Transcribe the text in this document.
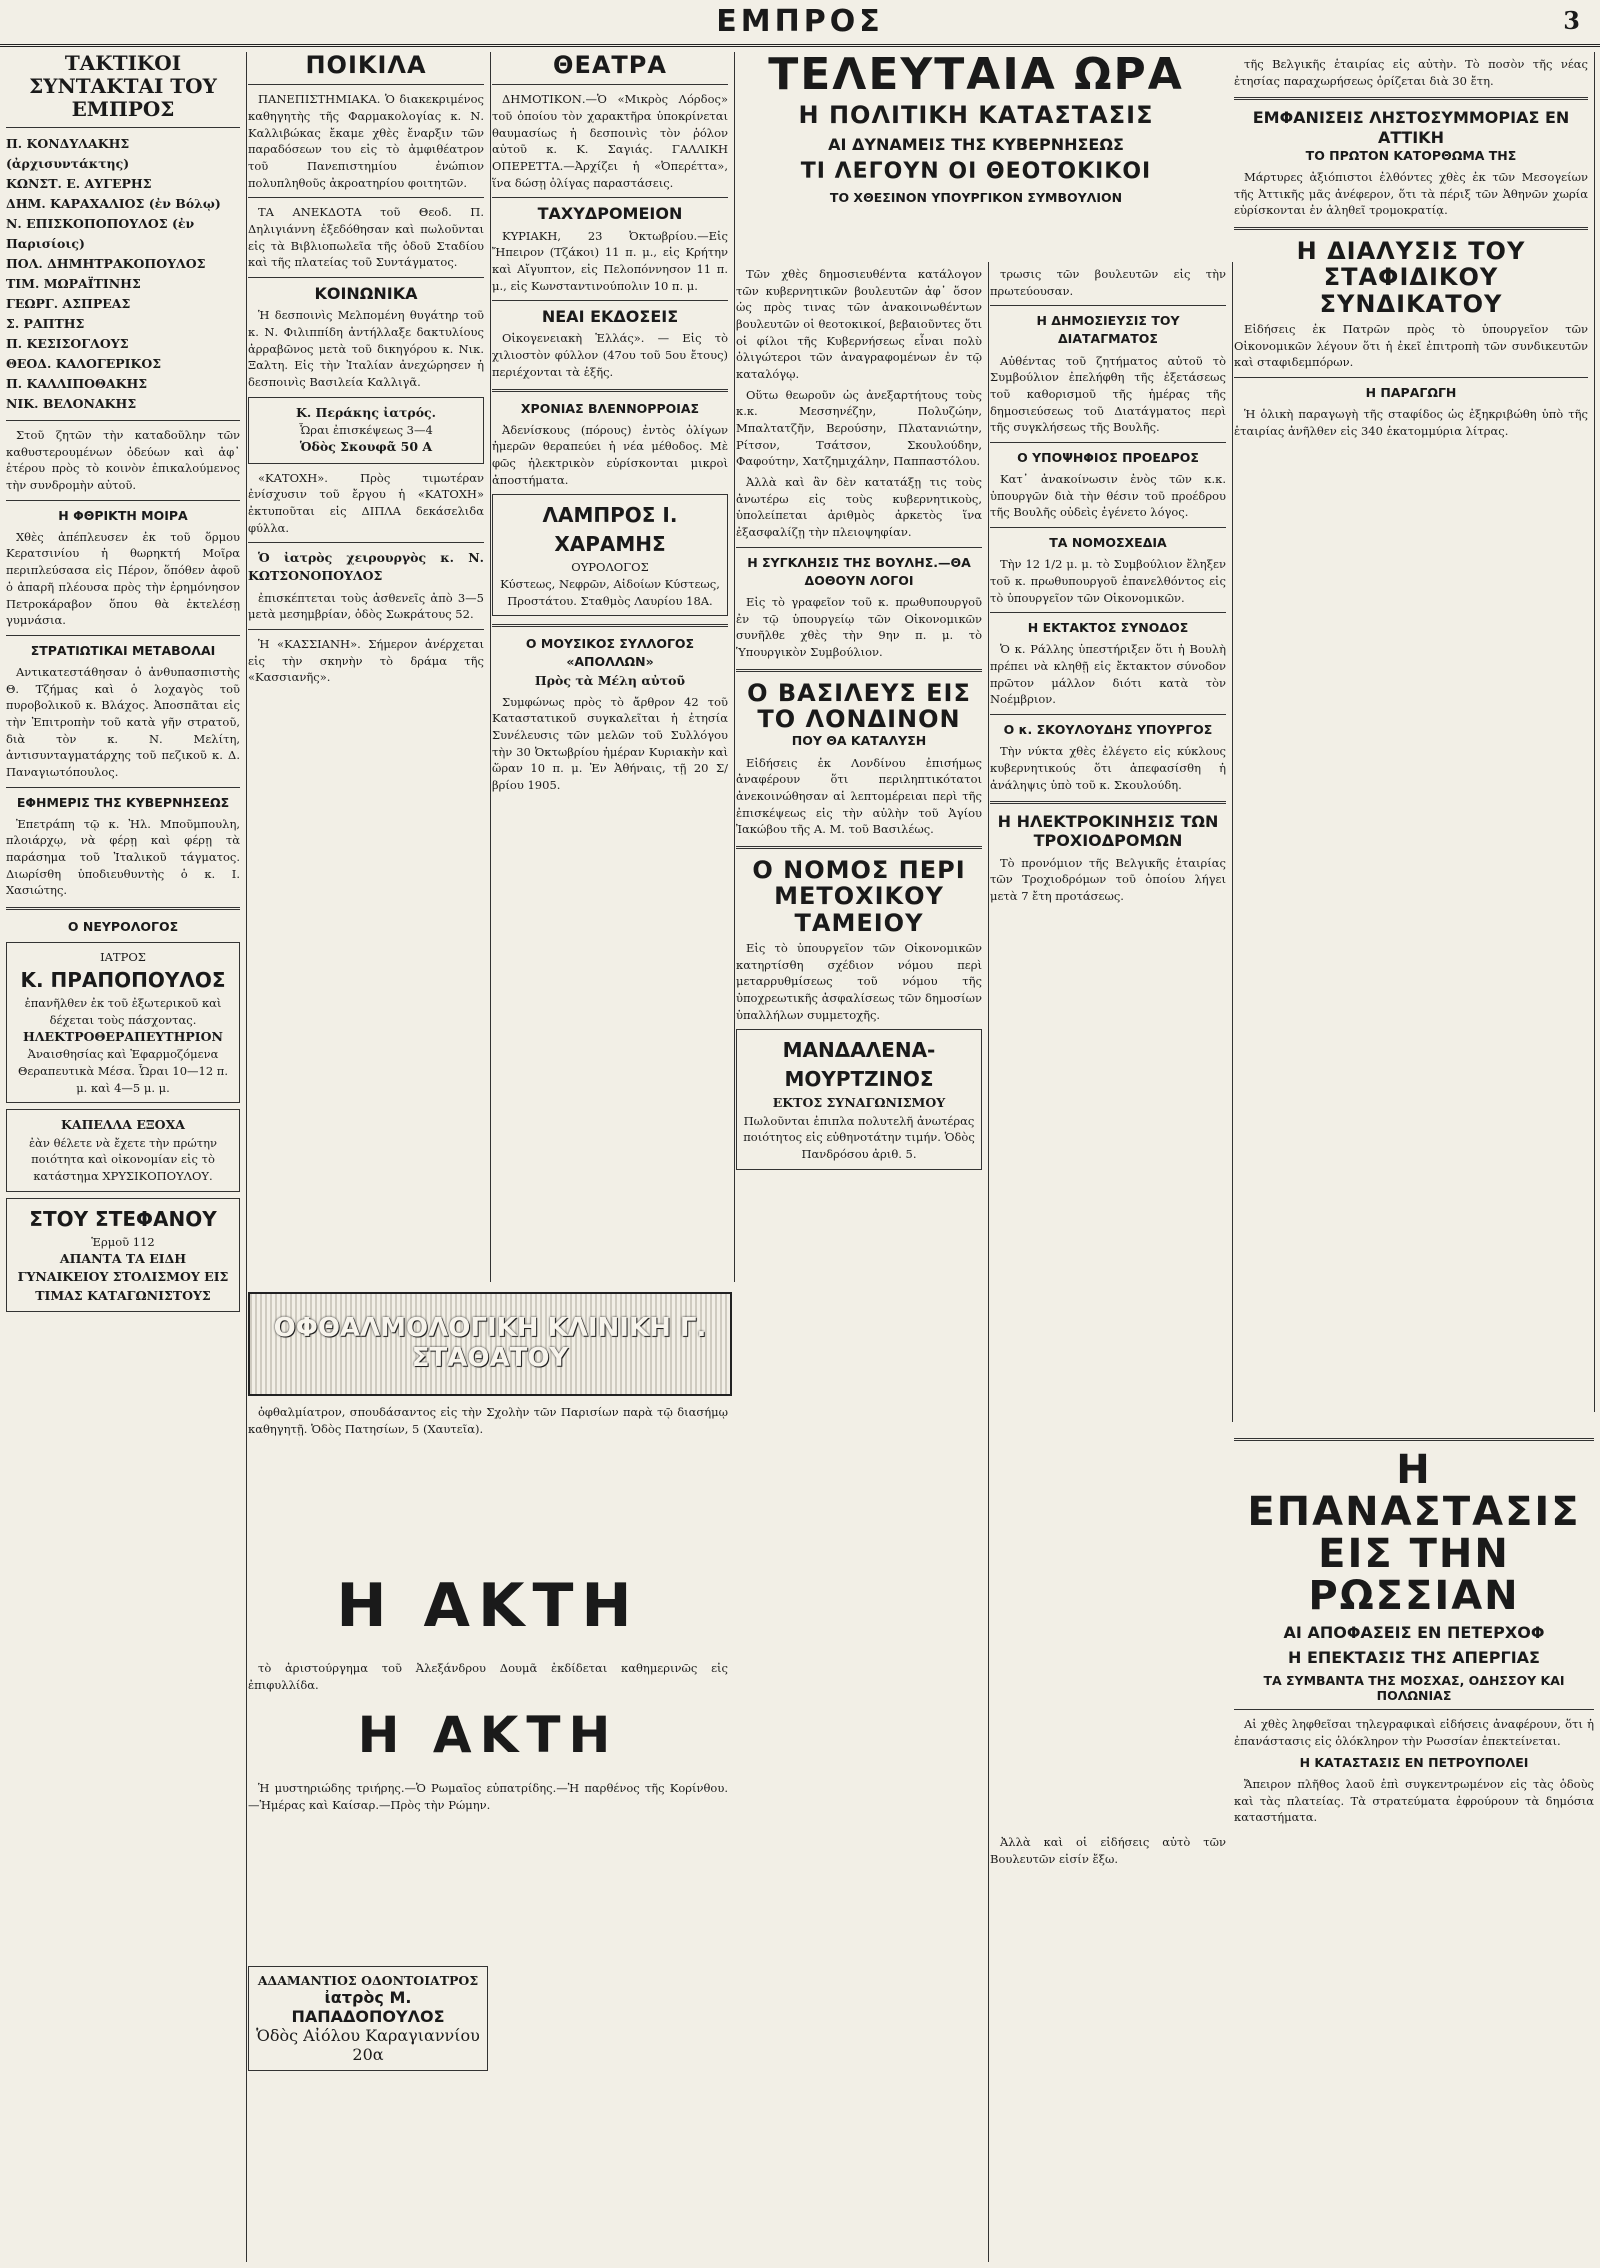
ΕΜΠΡΟΣ	3
ΤΑΚΤΙΚΟΙ ΣΥΝΤΑΚΤΑΙ ΤΟΥ ΕΜΠΡΟΣ
Π. ΚΟΝΔΥΛΑΚΗΣ (ἀρχισυντάκτης)
ΚΩΝΣΤ. Ε. ΑΥΓΕΡΗΣ
ΔΗΜ. ΚΑΡΑΧΑΛΙΟΣ (ἐν Βόλῳ)
Ν. ΕΠΙΣΚΟΠΟΠΟΥΛΟΣ (ἐν Παρισίοις)
ΠΟΛ. ΔΗΜΗΤΡΑΚΟΠΟΥΛΟΣ
ΤΙΜ. ΜΩΡΑΪΤΙΝΗΣ
ΓΕΩΡΓ. ΑΣΠΡΕΑΣ
Σ. ΡΑΠΤΗΣ
Π. ΚΕΣΙΣΟΓΛΟΥΣ
ΘΕΟΔ. ΚΑΛΟΓΕΡΙΚΟΣ
Π. ΚΑΛΛΙΠΟΘΑΚΗΣ
ΝΙΚ. ΒΕΛΟΝΑΚΗΣ

Στοῦ ζητῶν τὴν καταδοῦλην τῶν καθυστερουμένων ὀδεύων καὶ ἀφ᾽ ἑτέρου πρὸς τὸ κοινὸν ἐπικαλούμενος τὴν συνδρομὴν αὐτοῦ.

Η ΦΘΡΙΚΤΗ ΜΟΙΡΑ

Χθὲς ἀπέπλευσεν ἐκ τοῦ ὅρμου Κερατσινίου ἡ θωρηκτή Μοῖρα περιπλεύσασα εἰς Πέρον, ὅπόθεν ἀφοῦ ὁ ἀπαρῆ πλέουσα πρὸς τὴν ἐρημόνησον Πετροκάραβον ὅπου θὰ ἐκτελέσῃ γυμνάσια.

ΣΤΡΑΤΙΩΤΙΚΑΙ ΜΕΤΑΒΟΛΑΙ

Αντικατεστάθησαν ὁ ἀνθυπασπιστὴς Θ. Τζήμας καὶ ὁ λοχαγὸς τοῦ πυροβολικοῦ κ. Βλάχος. Ἀποσπᾶται εἰς τὴν Ἐπιτροπὴν τοῦ κατὰ γῆν στρατοῦ, διὰ τὸν κ. Ν. Μελίτη, ἀντισυνταγματάρχης τοῦ πεζικοῦ κ. Δ. Παναγιωτόπουλος.

ΕΦΗΜΕΡΙΣ ΤΗΣ ΚΥΒΕΡΝΗΣΕΩΣ

Ἐπετράπη τῷ κ. Ἠλ. Μποῦμπουλη, πλοιάρχῳ, νὰ φέρῃ καὶ φέρῃ τὰ παράσημα τοῦ Ἰταλικοῦ τάγματος. Διωρίσθη ὑποδιευθυντὴς ὁ κ. Ι. Χασιώτης.

Ο ΝΕΥΡΟΛΟΓΟΣ
ΙΑΤΡΟΣ
Κ. ΠΡΑΠΟΠΟΥΛΟΣ
ἐπανῆλθεν ἐκ τοῦ ἐξωτερικοῦ καὶ δέχεται τοὺς πάσχοντας.
ΗΛΕΚΤΡΟΘΕΡΑΠΕΥΤΗΡΙΟΝ
Ἀναισθησίας καὶ Ἐφαρμοζόμενα Θεραπευτικὰ Μέσα. Ὧραι 10—12 π. μ. καὶ 4—5 μ. μ.
ΚΑΠΕΛΛΑ ΕΞΟΧΑ
ἐὰν θέλετε νὰ ἔχετε τὴν πρώτην ποιότητα καὶ οἰκονομίαν εἰς τὸ κατάστημα ΧΡΥΣΙΚΟΠΟΥΛΟΥ.
ΣΤΟΥ ΣΤΕΦΑΝΟΥ
Ἑρμοῦ 112
ΑΠΑΝΤΑ ΤΑ ΕΙΔΗ ΓΥΝΑΙΚΕΙΟΥ ΣΤΟΛΙΣΜΟΥ ΕΙΣ ΤΙΜΑΣ ΚΑΤΑΓΩΝΙΣΤΟΥΣ
ΠΟΙΚΙΛΑ

ΠΑΝΕΠΙΣΤΗΜΙΑΚΑ. Ὁ διακεκριμένος καθηγητὴς τῆς Φαρμακολογίας κ. Ν. Καλλιβώκας ἔκαμε χθὲς ἔναρξιν τῶν παραδόσεων του εἰς τὸ ἀμφιθέατρον τοῦ Πανεπιστημίου ἐνώπιον πολυπληθοῦς ἀκροατηρίου φοιτητῶν.

ΤΑ ΑΝΕΚΔΟΤΑ τοῦ Θεοδ. Π. Δηλιγιάννη ἐξεδόθησαν καὶ πωλοῦνται εἰς τὰ Βιβλιοπωλεῖα τῆς ὁδοῦ Σταδίου καὶ τῆς πλατείας τοῦ Συντάγματος.

ΚΟΙΝΩΝΙΚΑ

Ἡ δεσποινὶς Μελπομένη θυγάτηρ τοῦ κ. Ν. Φιλιππίδη ἀντήλλαξε δακτυλίους ἀρραβῶνος μετὰ τοῦ δικηγόρου κ. Νικ. Ξαλτη. Εἰς τὴν Ἰταλίαν ἀνεχώρησεν ἡ δεσποινὶς Βασιλεία Καλλιγᾶ.

Κ. Περάκης ἰατρός.
Ὧραι ἐπισκέψεως 3—4
Ὁδὸς Σκουφᾶ 50 Α

«ΚΑΤΟΧΗ». Πρὸς τιμωτέραν ἐνίσχυσιν τοῦ ἔργου ἡ «ΚΑΤΟΧΗ» ἐκτυποῦται εἰς ΔΙΠΛΑ δεκάσελιδα φύλλα.

Ὁ ἰατρὸς χειρουργὸς κ. Ν. ΚΩΤΣΟΝΟΠΟΥΛΟΣ

ἐπισκέπτεται τοὺς ἀσθενεῖς ἀπὸ 3—5 μετὰ μεσημβρίαν, ὁδὸς Σωκράτους 52.

Ἡ «ΚΑΣΣΙΑΝΗ». Σήμερον ἀνέρχεται εἰς τὴν σκηνὴν τὸ δράμα τῆς «Κασσιανῆς».

ΘΕΑΤΡΑ

ΔΗΜΟΤΙΚΟΝ.—Ὁ «Μικρὸς Λόρδος» τοῦ ὁποίου τὸν χαρακτῆρα ὑποκρίνεται θαυμασίως ἡ δεσποινὶς τὸν ῥόλον αὐτοῦ κ. Κ. Σαγιάς. ΓΑΛΛΙΚΗ ΟΠΕΡΕΤΤΑ.—Ἀρχίζει ἡ «Ὀπερέττα», ἵνα δώσῃ ὀλίγας παραστάσεις.

ΤΑΧΥΔΡΟΜΕΙΟΝ

ΚΥΡΙΑΚΗ, 23 Ὀκτωβρίου.—Εἰς Ἤπειρον (Τζάκοι) 11 π. μ., εἰς Κρήτην καὶ Αἴγυπτον, εἰς Πελοπόννησον 11 π. μ., εἰς Κωνσταντινούπολιν 10 π. μ.

ΝΕΑΙ ΕΚΔΟΣΕΙΣ

Οἰκογενειακὴ Ἑλλάς». — Εἰς τὸ χιλιοστὸν φύλλον (47ου τοῦ 5ου ἔτους) περιέχονται τὰ ἑξῆς.

ΧΡΟΝΙΑΣ ΒΛΕΝΝΟΡΡΟΙΑΣ

Ἀδενίσκους (πόρους) ἐντὸς ὀλίγων ἡμερῶν θεραπεύει ἡ νέα μέθοδος. Μὲ φῶς ἠλεκτρικὸν εὑρίσκονται μικροὶ ἀποστήματα.

ΛΑΜΠΡΟΣ Ι. ΧΑΡΑΜΗΣ
ΟΥΡΟΛΟΓΟΣ
Κύστεως, Νεφρῶν, Αἰδοίων Κύστεως, Προστάτου. Σταθμὸς Λαυρίου 18Α.
Ο ΜΟΥΣΙΚΟΣ ΣΥΛΛΟΓΟΣ «ΑΠΟΛΛΩΝ»
Πρὸς τὰ Μέλη αὐτοῦ

Συμφώνως πρὸς τὸ ἄρθρον 42 τοῦ Καταστατικοῦ συγκαλεῖται ἡ ἐτησία Συνέλευσις τῶν μελῶν τοῦ Συλλόγου τὴν 30 Ὀκτωβρίου ἡμέραν Κυριακὴν καὶ ὥραν 10 π. μ. Ἐν Ἀθήναις, τῇ 20 Σ/βρίου 1905.

ΟΦΘΑΛΜΟΛΟΓΙΚΗ ΚΛΙΝΙΚΗ Γ. ΣΤΑΘΑΤΟΥ

ὀφθαλμίατρον, σπουδάσαντος εἰς τὴν Σχολὴν τῶν Παρισίων παρὰ τῷ διασήμῳ καθηγητῇ. Ὁδὸς Πατησίων, 5 (Χαυτεῖα).

Η ΑΚΤΗ

τὸ ἀριστούργημα τοῦ Ἀλεξάνδρου Δουμᾶ ἐκδίδεται καθημερινῶς εἰς ἐπιφυλλίδα.

Η ΑΚΤΗ

Ἡ μυστηριώδης τριήρης.—Ὁ Ρωμαῖος εὐπατρίδης.—Ἡ παρθένος τῆς Κορίνθου.—Ἡμέρας καὶ Καίσαρ.—Πρὸς τὴν Ρώμην.

ΑΔΑΜΑΝΤΙΟΣ ΟΔΟΝΤΟΙΑΤΡΟΣ
ἰατρὸς Μ. ΠΑΠΑΔΟΠΟΥΛΟΣ
Ὁδὸς Αἰόλου Καραγιαννίου 20α
ΤΕΛΕΥΤΑΙΑ ΩΡΑ
Η ΠΟΛΙΤΙΚΗ ΚΑΤΑΣΤΑΣΙΣ
ΑΙ ΔΥΝΑΜΕΙΣ ΤΗΣ ΚΥΒΕΡΝΗΣΕΩΣ
ΤΙ ΛΕΓΟΥΝ ΟΙ ΘΕΟΤΟΚΙΚΟΙ
ΤΟ ΧΘΕΣΙΝΟΝ ΥΠΟΥΡΓΙΚΟΝ ΣΥΜΒΟΥΛΙΟΝ

Τῶν χθὲς δημοσιευθέντα κατάλογον τῶν κυβερνητικῶν βουλευτῶν ἀφ᾽ ὅσον ὡς πρὸς τινας τῶν ἀνακοινωθέντων βουλευτῶν οἱ θεοτοκικοί, βεβαιοῦντες ὅτι οἱ φίλοι τῆς Κυβερνήσεως εἶναι πολὺ ὀλιγώτεροι τῶν ἀναγραφομένων ἐν τῷ καταλόγῳ.

Οὕτω θεωροῦν ὡς ἀνεξαρτήτους τοὺς κ.κ. Μεσσηνέζην, Πολυζώην, Μπαλτατζῆν, Βερούσην, Πλατανιώτην, Ρίτσον, Τσάτσον, Σκουλούδην, Φαφούτην, Χατζημιχάλην, Παππαστόλου.

Ἀλλὰ καὶ ἂν δὲν κατατάξῃ τις τοὺς ἀνωτέρω εἰς τοὺς κυβερνητικοὺς, ὑπολείπεται ἀριθμὸς ἀρκετὸς ἵνα ἐξασφαλίζῃ τὴν πλειοψηφίαν.

Η ΣΥΓΚΛΗΣΙΣ ΤΗΣ ΒΟΥΛΗΣ.—ΘΑ ΔΟΘΟΥΝ ΛΟΓΟΙ

Εἰς τὸ γραφεῖον τοῦ κ. πρωθυπουργοῦ ἐν τῷ ὑπουργείῳ τῶν Οἰκονομικῶν συνῆλθε χθὲς τὴν 9ην π. μ. τὸ Ὑπουργικὸν Συμβούλιον.

Ο ΒΑΣΙΛΕΥΣ ΕΙΣ ΤΟ ΛΟΝΔΙΝΟΝ
ΠΟΥ ΘΑ ΚΑΤΑΛΥΣΗ

Εἰδήσεις ἐκ Λονδίνου ἐπισήμως ἀναφέρουν ὅτι περιληπτικότατοι ἀνεκοινώθησαν αἱ λεπτομέρειαι περὶ τῆς ἐπισκέψεως εἰς τὴν αὐλὴν τοῦ Ἀγίου Ἰακώβου τῆς Α. Μ. τοῦ Βασιλέως.

Ο ΝΟΜΟΣ ΠΕΡΙ ΜΕΤΟΧΙΚΟΥ ΤΑΜΕΙΟΥ

Εἰς τὸ ὑπουργεῖον τῶν Οἰκονομικῶν κατηρτίσθη σχέδιον νόμου περὶ μεταρρυθμίσεως τοῦ νόμου τῆς ὑποχρεωτικῆς ἀσφαλίσεως τῶν δημοσίων ὑπαλλήλων συμμετοχῆς.

ΜΑΝΔΑΛΕΝΑ-ΜΟΥΡΤΖΙΝΟΣ
ΕΚΤΟΣ ΣΥΝΑΓΩΝΙΣΜΟΥ
Πωλοῦνται ἐπιπλα πολυτελῆ ἀνωτέρας ποιότητος εἰς εὐθηνοτάτην τιμήν. Ὁδὸς Πανδρόσου ἀριθ. 5.

τρωσις τῶν βουλευτῶν εἰς τὴν πρωτεύουσαν.

Η ΔΗΜΟΣΙΕΥΣΙΣ ΤΟΥ ΔΙΑΤΑΓΜΑΤΟΣ

Αὐθέντας τοῦ ζητήματος αὐτοῦ τὸ Συμβούλιον ἐπελήφθη τῆς ἐξετάσεως τοῦ καθορισμοῦ τῆς ἡμέρας τῆς δημοσιεύσεως τοῦ Διατάγματος περὶ τῆς συγκλήσεως τῆς Βουλῆς.

Ο ΥΠΟΨΗΦΙΟΣ ΠΡΟΕΔΡΟΣ

Κατ᾽ ἀνακοίνωσιν ἐνὸς τῶν κ.κ. ὑπουργῶν διὰ τὴν θέσιν τοῦ προέδρου τῆς Βουλῆς οὐδεὶς ἐγένετο λόγος.

ΤΑ ΝΟΜΟΣΧΕΔΙΑ

Τὴν 12 1/2 μ. μ. τὸ Συμβούλιον ἔληξεν τοῦ κ. πρωθυπουργοῦ ἐπανελθόντος εἰς τὸ ὑπουργεῖον τῶν Οἰκονομικῶν.

Η ΕΚΤΑΚΤΟΣ ΣΥΝΟΔΟΣ

Ὁ κ. Ράλλης ὑπεστήριξεν ὅτι ἡ Βουλὴ πρέπει νὰ κληθῇ εἰς ἔκτακτον σύνοδον πρῶτον μάλλον διότι κατὰ τὸν Νοέμβριον.

Ο κ. ΣΚΟΥΛΟΥΔΗΣ ΥΠΟΥΡΓΟΣ

Τὴν νύκτα χθὲς ἐλέγετο εἰς κύκλους κυβερνητικούς ὅτι ἀπεφασίσθη ἡ ἀνάληψις ὑπὸ τοῦ κ. Σκουλούδη.

Η ΗΛΕΚΤΡΟΚΙΝΗΣΙΣ ΤΩΝ ΤΡΟΧΙΟΔΡΟΜΩΝ

Τὸ προνόμιον τῆς Βελγικῆς ἑταιρίας τῶν Τροχιοδρόμων τοῦ ὁποίου λήγει μετὰ 7 ἔτη προτάσεως.

Ἀλλὰ καὶ οἱ εἰδήσεις αὐτὸ τῶν Βουλευτῶν εἰσίν ἔξω.

τῆς Βελγικῆς ἑταιρίας εἰς αὐτὴν. Τὸ ποσὸν τῆς νέας ἐτησίας παραχωρήσεως ὁρίζεται διὰ 30 ἔτη.

ΕΜΦΑΝΙΣΕΙΣ ΛΗΣΤΟΣΥΜΜΟΡΙΑΣ ΕΝ ΑΤΤΙΚΗ
ΤΟ ΠΡΩΤΟΝ ΚΑΤΟΡΘΩΜΑ ΤΗΣ

Μάρτυρες ἀξιόπιστοι ἐλθόντες χθὲς ἐκ τῶν Μεσογείων τῆς Ἀττικῆς μᾶς ἀνέφερον, ὅτι τὰ πέριξ τῶν Ἀθηνῶν χωρία εὑρίσκονται ἐν ἀληθεῖ τρομοκρατίᾳ.

Η ΔΙΑΛΥΣΙΣ ΤΟΥ ΣΤΑΦΙΔΙΚΟΥ ΣΥΝΔΙΚΑΤΟΥ

Εἰδήσεις ἐκ Πατρῶν πρὸς τὸ ὑπουργεῖον τῶν Οἰκονομικῶν λέγουν ὅτι ἡ ἐκεῖ ἐπιτροπὴ τῶν συνδικευτῶν καὶ σταφιδεμπόρων.

Η ΠΑΡΑΓΩΓΗ

Ἡ ὁλικὴ παραγωγὴ τῆς σταφίδος ὡς ἐξηκριβώθη ὑπὸ τῆς ἑταιρίας ἀνῆλθεν εἰς 340 ἑκατομμύρια λίτρας.

Η ΕΠΑΝΑΣΤΑΣΙΣ ΕΙΣ ΤΗΝ ΡΩΣΣΙΑΝ
ΑΙ ΑΠΟΦΑΣΕΙΣ ΕΝ ΠΕΤΕΡΧΟΦ
Η ΕΠΕΚΤΑΣΙΣ ΤΗΣ ΑΠΕΡΓΙΑΣ
ΤΑ ΣΥΜΒΑΝΤΑ ΤΗΣ ΜΟΣΧΑΣ, ΟΔΗΣΣΟΥ ΚΑΙ ΠΟΛΩΝΙΑΣ

Αἱ χθὲς ληφθεῖσαι τηλεγραφικαὶ εἰδήσεις ἀναφέρουν, ὅτι ἡ ἐπανάστασις εἰς ὁλόκληρον τὴν Ρωσσίαν ἐπεκτείνεται.

Η ΚΑΤΑΣΤΑΣΙΣ ΕΝ ΠΕΤΡΟΥΠΟΛΕΙ

Ἄπειρον πλῆθος λαοῦ ἐπὶ συγκεντρωμένον εἰς τὰς ὁδοὺς καὶ τὰς πλατείας. Τὰ στρατεύματα ἐφρούρουν τὰ δημόσια καταστήματα.
